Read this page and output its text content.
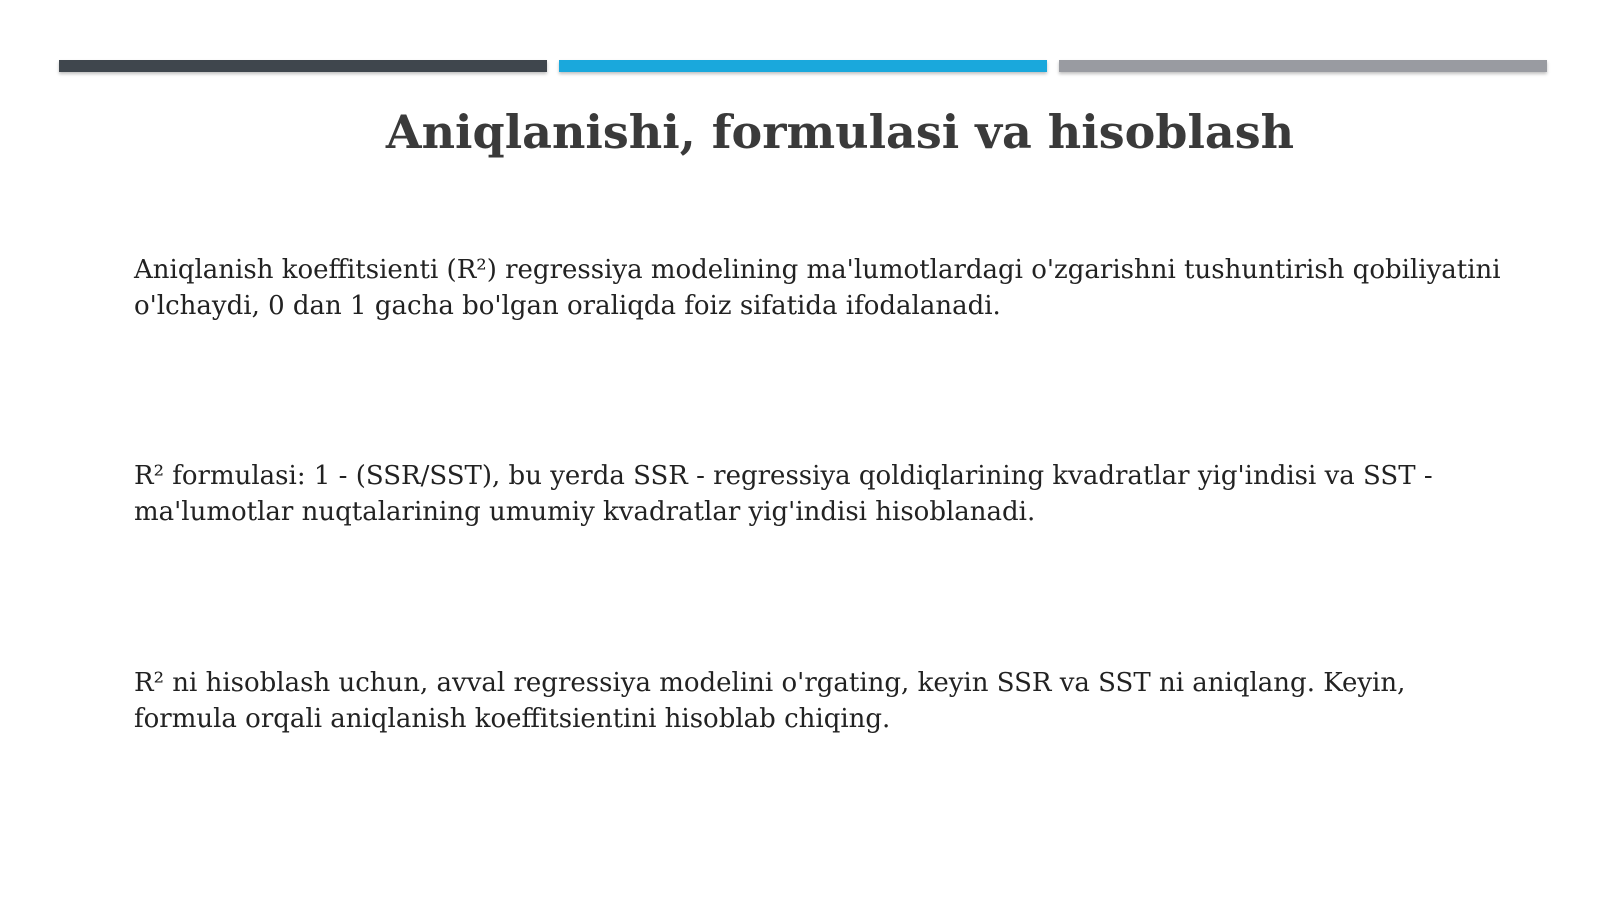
Aniqlanishi, formulasi va hisoblash

Aniqlanish koeffitsienti (R²) regressiya modelining ma'lumotlardagi o'zgarishni tushuntirish qobiliyatini o'lchaydi, 0 dan 1 gacha bo'lgan oraliqda foiz sifatida ifodalanadi.

R² formulasi: 1 - (SSR/SST), bu yerda SSR - regressiya qoldiqlarining kvadratlar yig'indisi va SST - ma'lumotlar nuqtalarining umumiy kvadratlar yig'indisi hisoblanadi.

R² ni hisoblash uchun, avval regressiya modelini o'rgating, keyin SSR va SST ni aniqlang. Keyin, formula orqali aniqlanish koeffitsientini hisoblab chiqing.
